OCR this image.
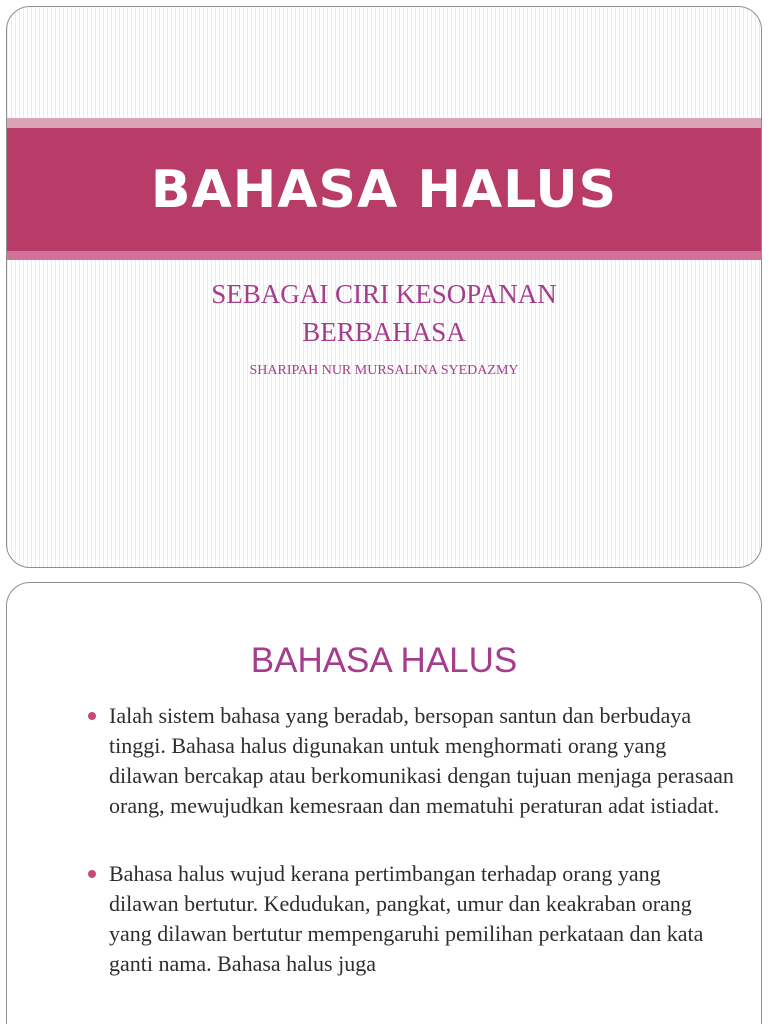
BAHASA HALUS
SEBAGAI CIRI KESOPANAN
BERBAHASA
SHARIPAH NUR MURSALINA SYEDAZMY
BAHASA HALUS
Ialah sistem bahasa yang beradab, bersopan santun dan berbudaya tinggi. Bahasa halus digunakan untuk menghormati orang yang dilawan bercakap atau berkomunikasi dengan tujuan menjaga perasaan orang, mewujudkan kemesraan dan mematuhi peraturan adat istiadat.
Bahasa halus wujud kerana pertimbangan terhadap orang yang dilawan bertutur. Kedudukan, pangkat, umur dan keakraban orang yang dilawan bertutur mempengaruhi pemilihan perkataan dan kata ganti nama. Bahasa halus juga
